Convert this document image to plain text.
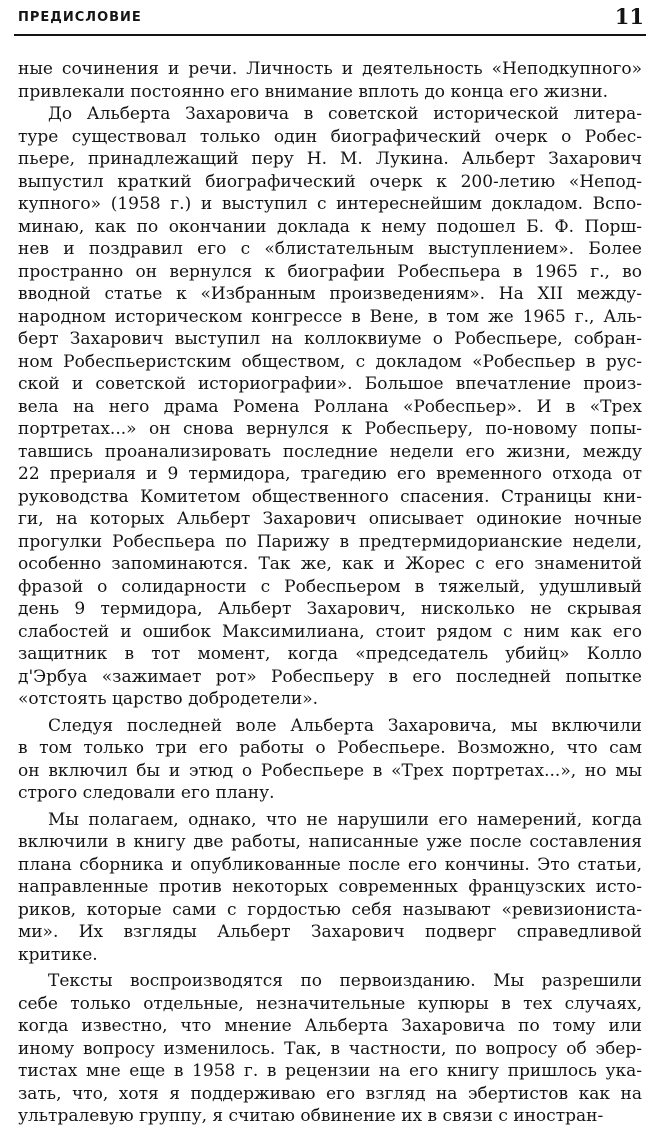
ПРЕДИСЛОВИЕ	11
ные сочинения и речи. Личность и деятельность «Неподкупного»
привлекали постоянно его внимание вплоть до конца его жизни.
До Альберта Захаровича в советской исторической литера-
туре существовал только один биографический очерк о Робес-
пьере, принадлежащий перу Н. М. Лукина. Альберт Захарович
выпустил краткий биографический очерк к 200-летию «Непод-
купного» (1958 г.) и выступил с интереснейшим докладом. Вспо-
минаю, как по окончании доклада к нему подошел Б. Ф. Порш-
нев и поздравил его с «блистательным выступлением». Более
пространно он вернулся к биографии Робеспьера в 1965 г., во
вводной статье к «Избранным произведениям». На XII между-
народном историческом конгрессе в Вене, в том же 1965 г., Аль-
берт Захарович выступил на коллоквиуме о Робеспьере, собран-
ном Робеспьеристским обществом, с докладом «Робеспьер в рус-
ской и советской историографии». Большое впечатление произ-
вела на него драма Ромена Роллана «Робеспьер». И в «Трех
портретах...» он снова вернулся к Робеспьеру, по-новому попы-
тавшись проанализировать последние недели его жизни, между
22 прериаля и 9 термидора, трагедию его временного отхода от
руководства Комитетом общественного спасения. Страницы кни-
ги, на которых Альберт Захарович описывает одинокие ночные
прогулки Робеспьера по Парижу в предтермидорианские недели,
особенно запоминаются. Так же, как и Жорес с его знаменитой
фразой о солидарности с Робеспьером в тяжелый, удушливый
день 9 термидора, Альберт Захарович, нисколько не скрывая
слабостей и ошибок Максимилиана, стоит рядом с ним как его
защитник в тот момент, когда «председатель убийц» Колло
д'Эрбуа «зажимает рот» Робеспьеру в его последней попытке
«отстоять царство добродетели».
Следуя последней воле Альберта Захаровича, мы включили
в том только три его работы о Робеспьере. Возможно, что сам
он включил бы и этюд о Робеспьере в «Трех портретах...», но мы
строго следовали его плану.
Мы полагаем, однако, что не нарушили его намерений, когда
включили в книгу две работы, написанные уже после составления
плана сборника и опубликованные после его кончины. Это статьи,
направленные против некоторых современных французских исто-
риков, которые сами с гордостью себя называют «ревизиониста-
ми». Их взгляды Альберт Захарович подверг справедливой
критике.
Тексты воспроизводятся по первоизданию. Мы разрешили
себе только отдельные, незначительные купюры в тех случаях,
когда известно, что мнение Альберта Захаровича по тому или
иному вопросу изменилось. Так, в частности, по вопросу об эбер-
тистах мне еще в 1958 г. в рецензии на его книгу пришлось ука-
зать, что, хотя я поддерживаю его взгляд на эбертистов как на
ультралевую группу, я считаю обвинение их в связи с иностран-
